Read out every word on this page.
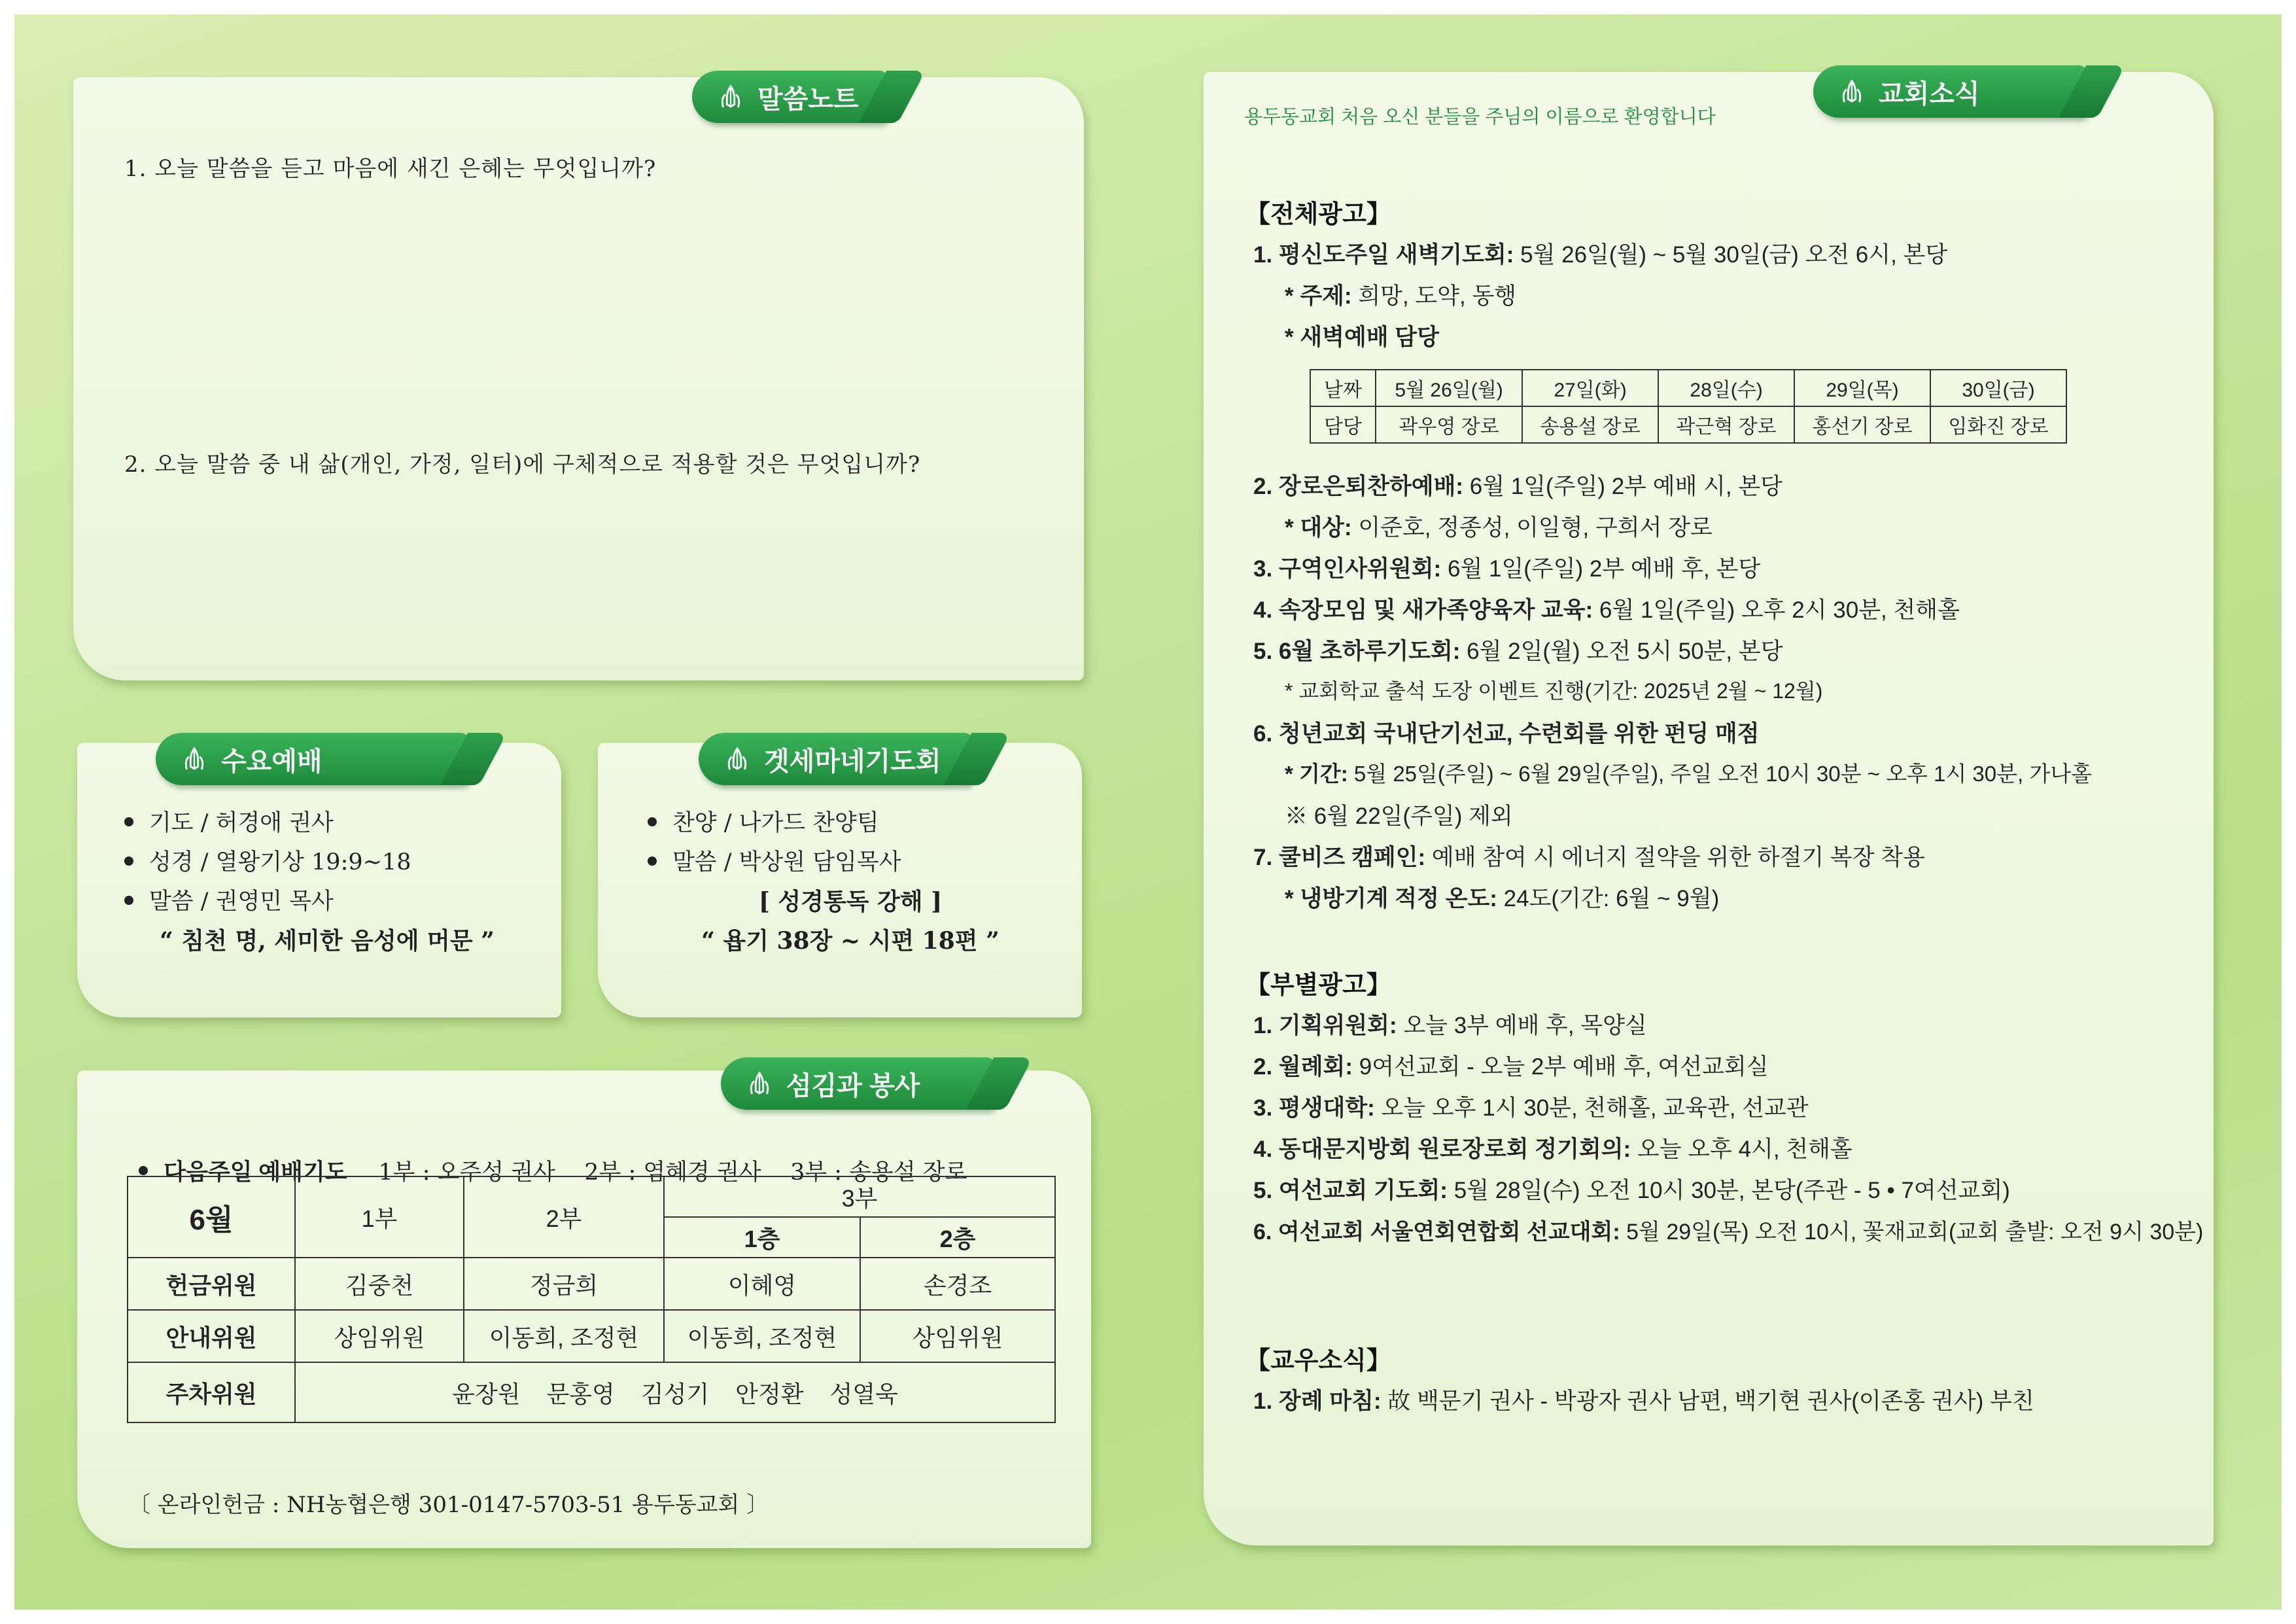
말씀노트
1. 오늘 말씀을 듣고 마음에 새긴 은혜는 무엇입니까?
2. 오늘 말씀 중 내 삶(개인, 가정, 일터)에 구체적으로 적용할 것은 무엇입니까?
수요예배
기도 / 허경애 권사
성경 / 열왕기상 19:9~18
말씀 / 권영민 목사
“ 침천 명, 세미한 음성에 머문 ”
겟세마네기도회
찬양 / 나가드 찬양팀
말씀 / 박상원 담임목사
[ 성경통독 강해 ]
“ 욥기 38장 ~ 시편 18편 ”
섬김과 봉사

다음주일 예배기도 1부 : 오주성 권사    2부 : 염혜경 권사    3부 : 송용설 장로

6월	1부	2부	3부	
			1층	2층
헌금위원	김중천	정금희	이혜영	손경조
안내위원	상임위원	이동희, 조정현	이동희, 조정현	상임위원
주차위원	윤장원    문홍영    김성기    안정환    성열욱			
〔 온라인헌금 : NH농협은행 301-0147-5703-51 용두동교회 〕
교회소식
용두동교회 처음 오신 분들을 주님의 이름으로 환영합니다
【전체광고】
1. 평신도주일 새벽기도회: 5월 26일(월) ~ 5월 30일(금) 오전 6시, 본당
* 주제: 희망, 도약, 동행
* 새벽예배 담당
날짜	5월 26일(월)	27일(화)	28일(수)	29일(목)	30일(금)
담당	곽우영 장로	송용설 장로	곽근혁 장로	홍선기 장로	임화진 장로
2. 장로은퇴찬하예배: 6월 1일(주일) 2부 예배 시, 본당
* 대상: 이준호, 정종성, 이일형, 구희서 장로
3. 구역인사위원회: 6월 1일(주일) 2부 예배 후, 본당
4. 속장모임 및 새가족양육자 교육: 6월 1일(주일) 오후 2시 30분, 천해홀
5. 6월 초하루기도회: 6월 2일(월) 오전 5시 50분, 본당
* 교회학교 출석 도장 이벤트 진행(기간: 2025년 2월 ~ 12월)
6. 청년교회 국내단기선교, 수련회를 위한 펀딩 매점
* 기간: 5월 25일(주일) ~ 6월 29일(주일), 주일 오전 10시 30분 ~ 오후 1시 30분, 가나홀
※ 6월 22일(주일) 제외
7. 쿨비즈 캠페인: 예배 참여 시 에너지 절약을 위한 하절기 복장 착용
* 냉방기계 적정 온도: 24도(기간: 6월 ~ 9월)
【부별광고】
1. 기획위원회: 오늘 3부 예배 후, 목양실
2. 월례회: 9여선교회 - 오늘 2부 예배 후, 여선교회실
3. 평생대학: 오늘 오후 1시 30분, 천해홀, 교육관, 선교관
4. 동대문지방회 원로장로회 정기회의: 오늘 오후 4시, 천해홀
5. 여선교회 기도회: 5월 28일(수) 오전 10시 30분, 본당(주관 - 5 • 7여선교회)
6. 여선교회 서울연회연합회 선교대회: 5월 29일(목) 오전 10시, 꽃재교회(교회 출발: 오전 9시 30분)
【교우소식】
1. 장례 마침: 故 백문기 권사 - 박광자 권사 남편, 백기현 권사(이존홍 권사) 부친
